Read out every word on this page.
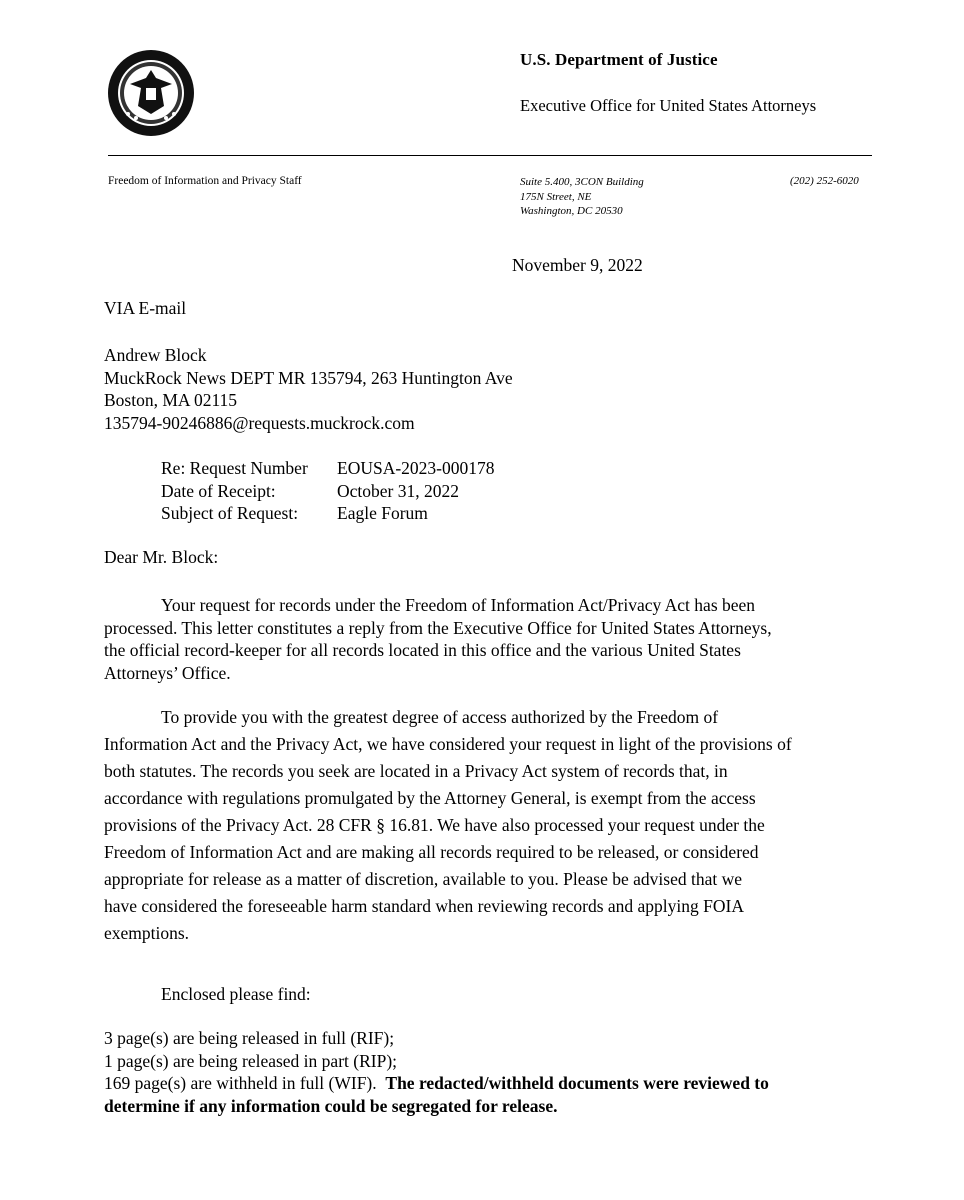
U.S. Department of Justice
Executive Office for United States Attorneys
Freedom of Information and Privacy Staff	Suite 5.400, 3CON Building
175N Street, NE
Washington, DC 20530
(202) 252-6020
November 9, 2022
VIA E-mail
Andrew Block
MuckRock News DEPT MR 135794, 263 Huntington Ave
Boston, MA 02115
135794-90246886@requests.muckrock.com
Re: Request Number	EOUSA-2023-000178
Date of Receipt:	October 31, 2022
Subject of Request:	Eagle Forum
Dear Mr. Block:
Your request for records under the Freedom of Information Act/Privacy Act has been
processed. This letter constitutes a reply from the Executive Office for United States Attorneys,
the official record-keeper for all records located in this office and the various United States
Attorneys’ Office.
To provide you with the greatest degree of access authorized by the Freedom of
Information Act and the Privacy Act, we have considered your request in light of the provisions of
both statutes. The records you seek are located in a Privacy Act system of records that, in
accordance with regulations promulgated by the Attorney General, is exempt from the access
provisions of the Privacy Act. 28 CFR § 16.81. We have also processed your request under the
Freedom of Information Act and are making all records required to be released, or considered
appropriate for release as a matter of discretion, available to you. Please be advised that we
have considered the foreseeable harm standard when reviewing records and applying FOIA
exemptions.
Enclosed please find:
3 page(s) are being released in full (RIF);
1 page(s) are being released in part (RIP);
169 page(s) are withheld in full (WIF). The redacted/withheld documents were reviewed to
determine if any information could be segregated for release.
